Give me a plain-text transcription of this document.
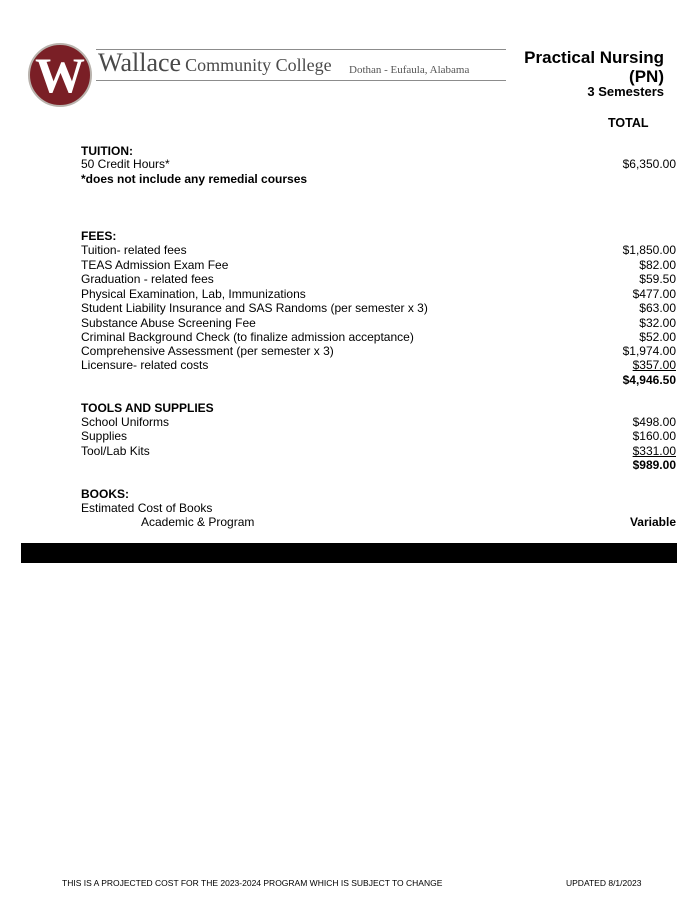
W Wallace Community College Dothan - Eufaula, Alabama
Practical Nursing
(PN)
3 Semesters
TOTAL
TUITION:
50 Credit Hours*	$6,350.00
*does not include any remedial courses
FEES:
Tuition- related fees	$1,850.00
TEAS Admission Exam Fee	$82.00
Graduation - related fees	$59.50
Physical Examination, Lab, Immunizations	$477.00
Student Liability Insurance and SAS Randoms (per semester x 3)	$63.00
Substance Abuse Screening Fee	$32.00
Criminal Background Check (to finalize admission acceptance)	$52.00
Comprehensive Assessment (per semester x 3)	$1,974.00
Licensure- related costs	$357.00
$4,946.50
TOOLS AND SUPPLIES
School Uniforms	$498.00
Supplies	$160.00
Tool/Lab Kits	$331.00
$989.00
BOOKS:
Estimated Cost of Books
Academic & Program	Variable
THIS IS A PROJECTED COST FOR THE 2023-2024 PROGRAM WHICH IS SUBJECT TO CHANGE	UPDATED 8/1/2023
